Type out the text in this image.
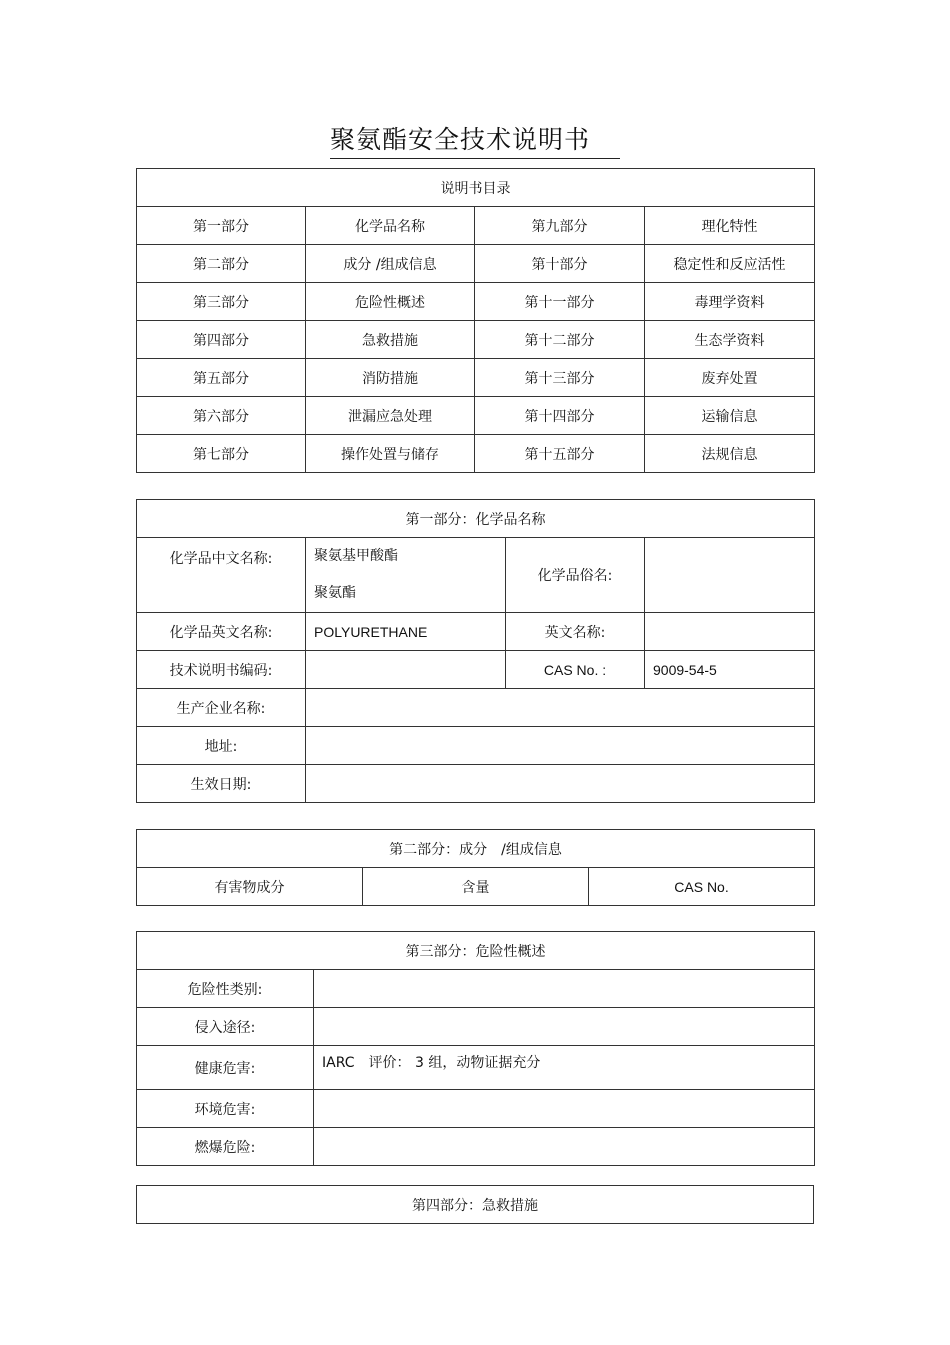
聚氨酯安全技术说明书
说明书目录			
第一部分	化学品名称	第九部分	理化特性
第二部分	成分 /组成信息	第十部分	稳定性和反应活性
第三部分	危险性概述	第十一部分	毒理学资料
第四部分	急救措施	第十二部分	生态学资料
第五部分	消防措施	第十三部分	废弃处置
第六部分	泄漏应急处理	第十四部分	运输信息
第七部分	操作处置与储存	第十五部分	法规信息
第一部分：化学品名称			
化学品中文名称:	聚氨基甲酸酯
聚氨酯	化学品俗名:	
化学品英文名称:	POLYURETHANE	英文名称:	
技术说明书编码:		CAS No. :	9009-54-5
生产企业名称:			
地址:			
生效日期:			
第二部分：成分　/组成信息
有害物成分	含量	CAS No.
第三部分：危险性概述	
危险性类别:	
侵入途径:	
健康危害:	IARC　评价： 3 组，动物证据充分
环境危害:	
燃爆危险:	
第四部分：急救措施
